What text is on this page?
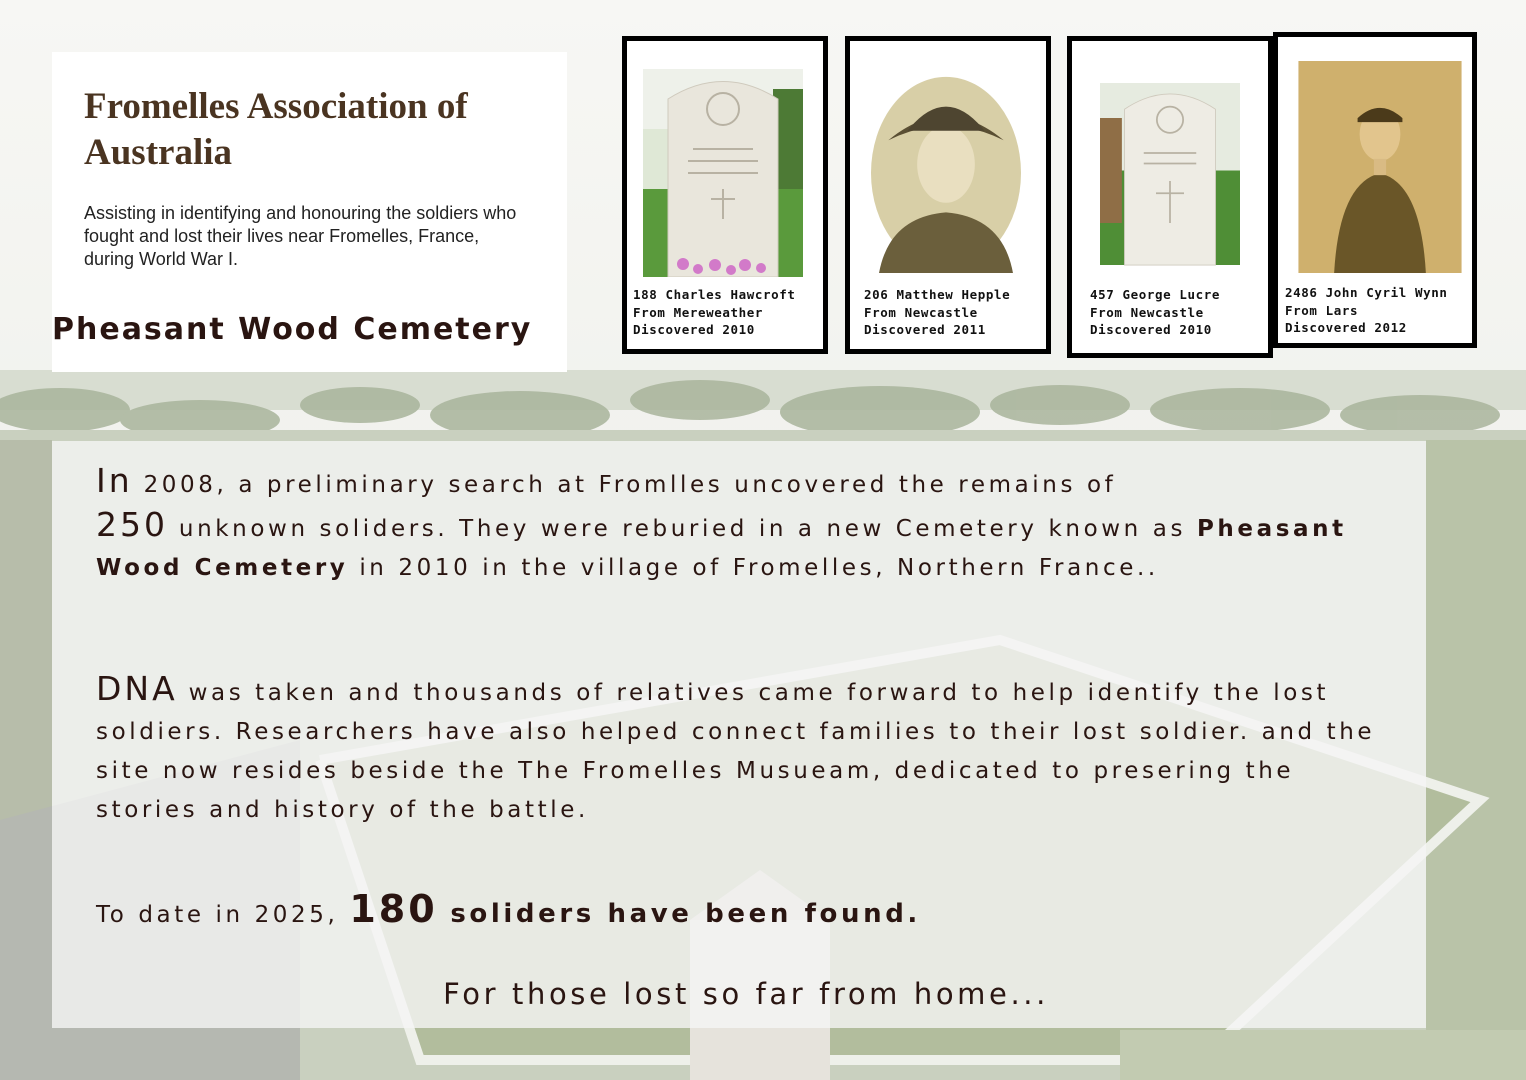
Fromelles Association of Australia

Assisting in identifying and honouring the soldiers who fought and lost their lives near Fromelles, France, during World War I.

Pheasant Wood Cemetery
188 Charles Hawcroft
From Mereweather
Discovered 2010
206 Matthew Hepple
From Newcastle
Discovered 2011
457 George Lucre
From Newcastle
Discovered 2010
2486 John Cyril Wynn
From Lars
Discovered 2012

In 2008, a preliminary search at Fromlles uncovered the remains of
250 unknown soliders. They were reburied in a new Cemetery known as Pheasant Wood Cemetery in 2010 in the village of Fromelles, Northern France..

DNA was taken and thousands of relatives came forward to help identify the lost soldiers. Researchers have also helped connect families to their lost soldier. and the site now resides beside the The Fromelles Musueam, dedicated to presering the stories and history of the battle.

To date in 2025, 180 soliders have been found.

For those lost so far from home...
